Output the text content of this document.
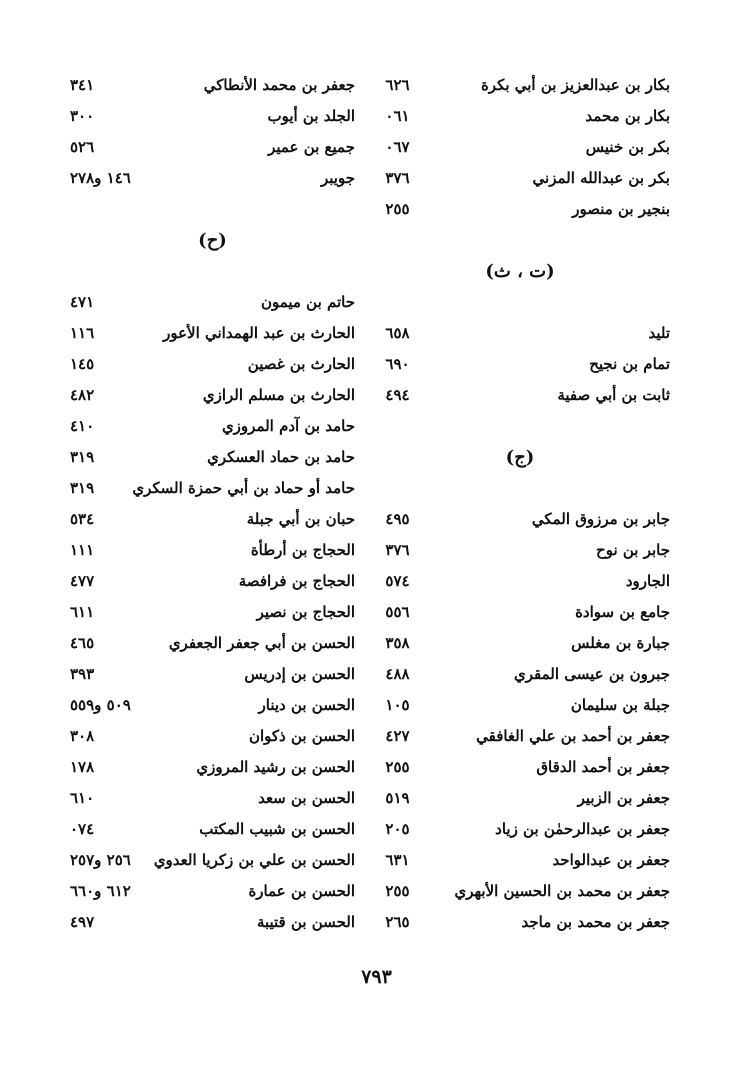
بكار بن عبدالعزيز بن أبي بكرة
٦٢٦
بكار بن محمد
٠٦١
بكر بن خنيس
٠٦٧
بكر بن عبدالله المزني
٣٧٦
بنجير بن منصور
٢٥٥
(ت ، ث)
تليد
٦٥٨
تمام بن نجيح
٦٩٠
ثابت بن أبي صفية
٤٩٤
(ج)
جابر بن مرزوق المكي
٤٩٥
جابر بن نوح
٣٧٦
الجارود
٥٧٤
جامع بن سوادة
٥٥٦
جبارة بن مغلس
٣٥٨
جبرون بن عيسى المقري
٤٨٨
جبلة بن سليمان
١٠٥
جعفر بن أحمد بن علي الغافقي
٤٢٧
جعفر بن أحمد الدقاق
٢٥٥
جعفر بن الزبير
٥١٩
جعفر بن عبدالرحمٰن بن زياد
٢٠٥
جعفر بن عبدالواحد
٦٣١
جعفر بن محمد بن الحسين الأبهري
٢٥٥
جعفر بن محمد بن ماجد
٢٦٥
جعفر بن محمد الأنطاكي
٣٤١
الجلد بن أيوب
٣٠٠
جميع بن عمير
٥٢٦
جويبر
١٤٦ و٢٧٨
(ح)
حاتم بن ميمون
٤٧١
الحارث بن عبد الهمداني الأعور
١١٦
الحارث بن غصين
١٤٥
الحارث بن مسلم الرازي
٤٨٢
حامد بن آدم المروزي
٤١٠
حامد بن حماد العسكري
٣١٩
حامد أو حماد بن أبي حمزة السكري
٣١٩
حبان بن أبي جبلة
٥٣٤
الحجاج بن أرطأة
١١١
الحجاج بن فرافصة
٤٧٧
الحجاج بن نصير
٦١١
الحسن بن أبي جعفر الجعفري
٤٦٥
الحسن بن إدريس
٣٩٣
الحسن بن دينار
٥٠٩ و٥٥٩
الحسن بن ذكوان
٣٠٨
الحسن بن رشيد المروزي
١٧٨
الحسن بن سعد
٦١٠
الحسن بن شبيب المكتب
٠٧٤
الحسن بن علي بن زكريا العدوي
٢٥٦ و٢٥٧
الحسن بن عمارة
٦١٢ و٦٦٠
الحسن بن قتيبة
٤٩٧
٧٩٣
